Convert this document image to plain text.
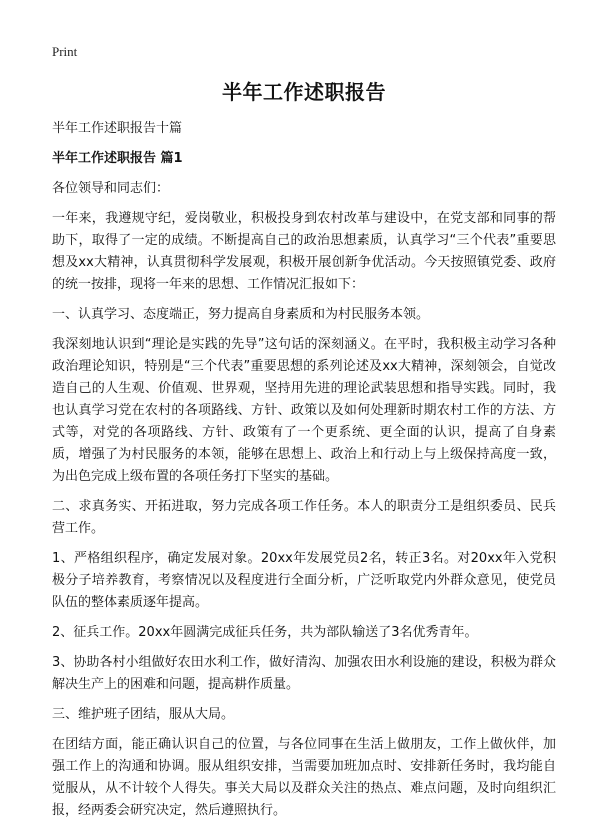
Print
半年工作述职报告
半年工作述职报告十篇
半年工作述职报告 篇1

各位领导和同志们：

一年来，我遵规守纪，爱岗敬业，积极投身到农村改革与建设中，在党支部和同事的帮助下，取得了一定的成绩。不断提高自己的政治思想素质，认真学习“三个代表”重要思想及xx大精神，认真贯彻科学发展观，积极开展创新争优活动。今天按照镇党委、政府的统一按排，现将一年来的思想、工作情况汇报如下：

一、认真学习、态度端正，努力提高自身素质和为村民服务本领。

我深刻地认识到“理论是实践的先导”这句话的深刻涵义。在平时，我积极主动学习各种政治理论知识，特别是“三个代表”重要思想的系列论述及xx大精神，深刻领会，自觉改造自己的人生观、价值观、世界观，坚持用先进的理论武装思想和指导实践。同时，我也认真学习党在农村的各项路线、方针、政策以及如何处理新时期农村工作的方法、方式等，对党的各项路线、方针、政策有了一个更系统、更全面的认识，提高了自身素质，增强了为村民服务的本领，能够在思想上、政治上和行动上与上级保持高度一致，为出色完成上级布置的各项任务打下坚实的基础。

二、求真务实、开拓进取，努力完成各项工作任务。本人的职责分工是组织委员、民兵营工作。

1、严格组织程序，确定发展对象。20xx年发展党员2名，转正3名。对20xx年入党积极分子培养教育，考察情况以及程度进行全面分析，广泛听取党内外群众意见，使党员队伍的整体素质逐年提高。

2、征兵工作。20xx年圆满完成征兵任务，共为部队输送了3名优秀青年。

3、协助各村小组做好农田水利工作，做好清沟、加强农田水利设施的建设，积极为群众解决生产上的困难和问题，提高耕作质量。

三、维护班子团结，服从大局。

在团结方面，能正确认识自己的位置，与各位同事在生活上做朋友，工作上做伙伴，加强工作上的沟通和协调。服从组织安排，当需要加班加点时、安排新任务时，我均能自觉服从，从不计较个人得失。事关大局以及群众关注的热点、难点问题，及时向组织汇报，经两委会研究决定，然后遵照执行。
